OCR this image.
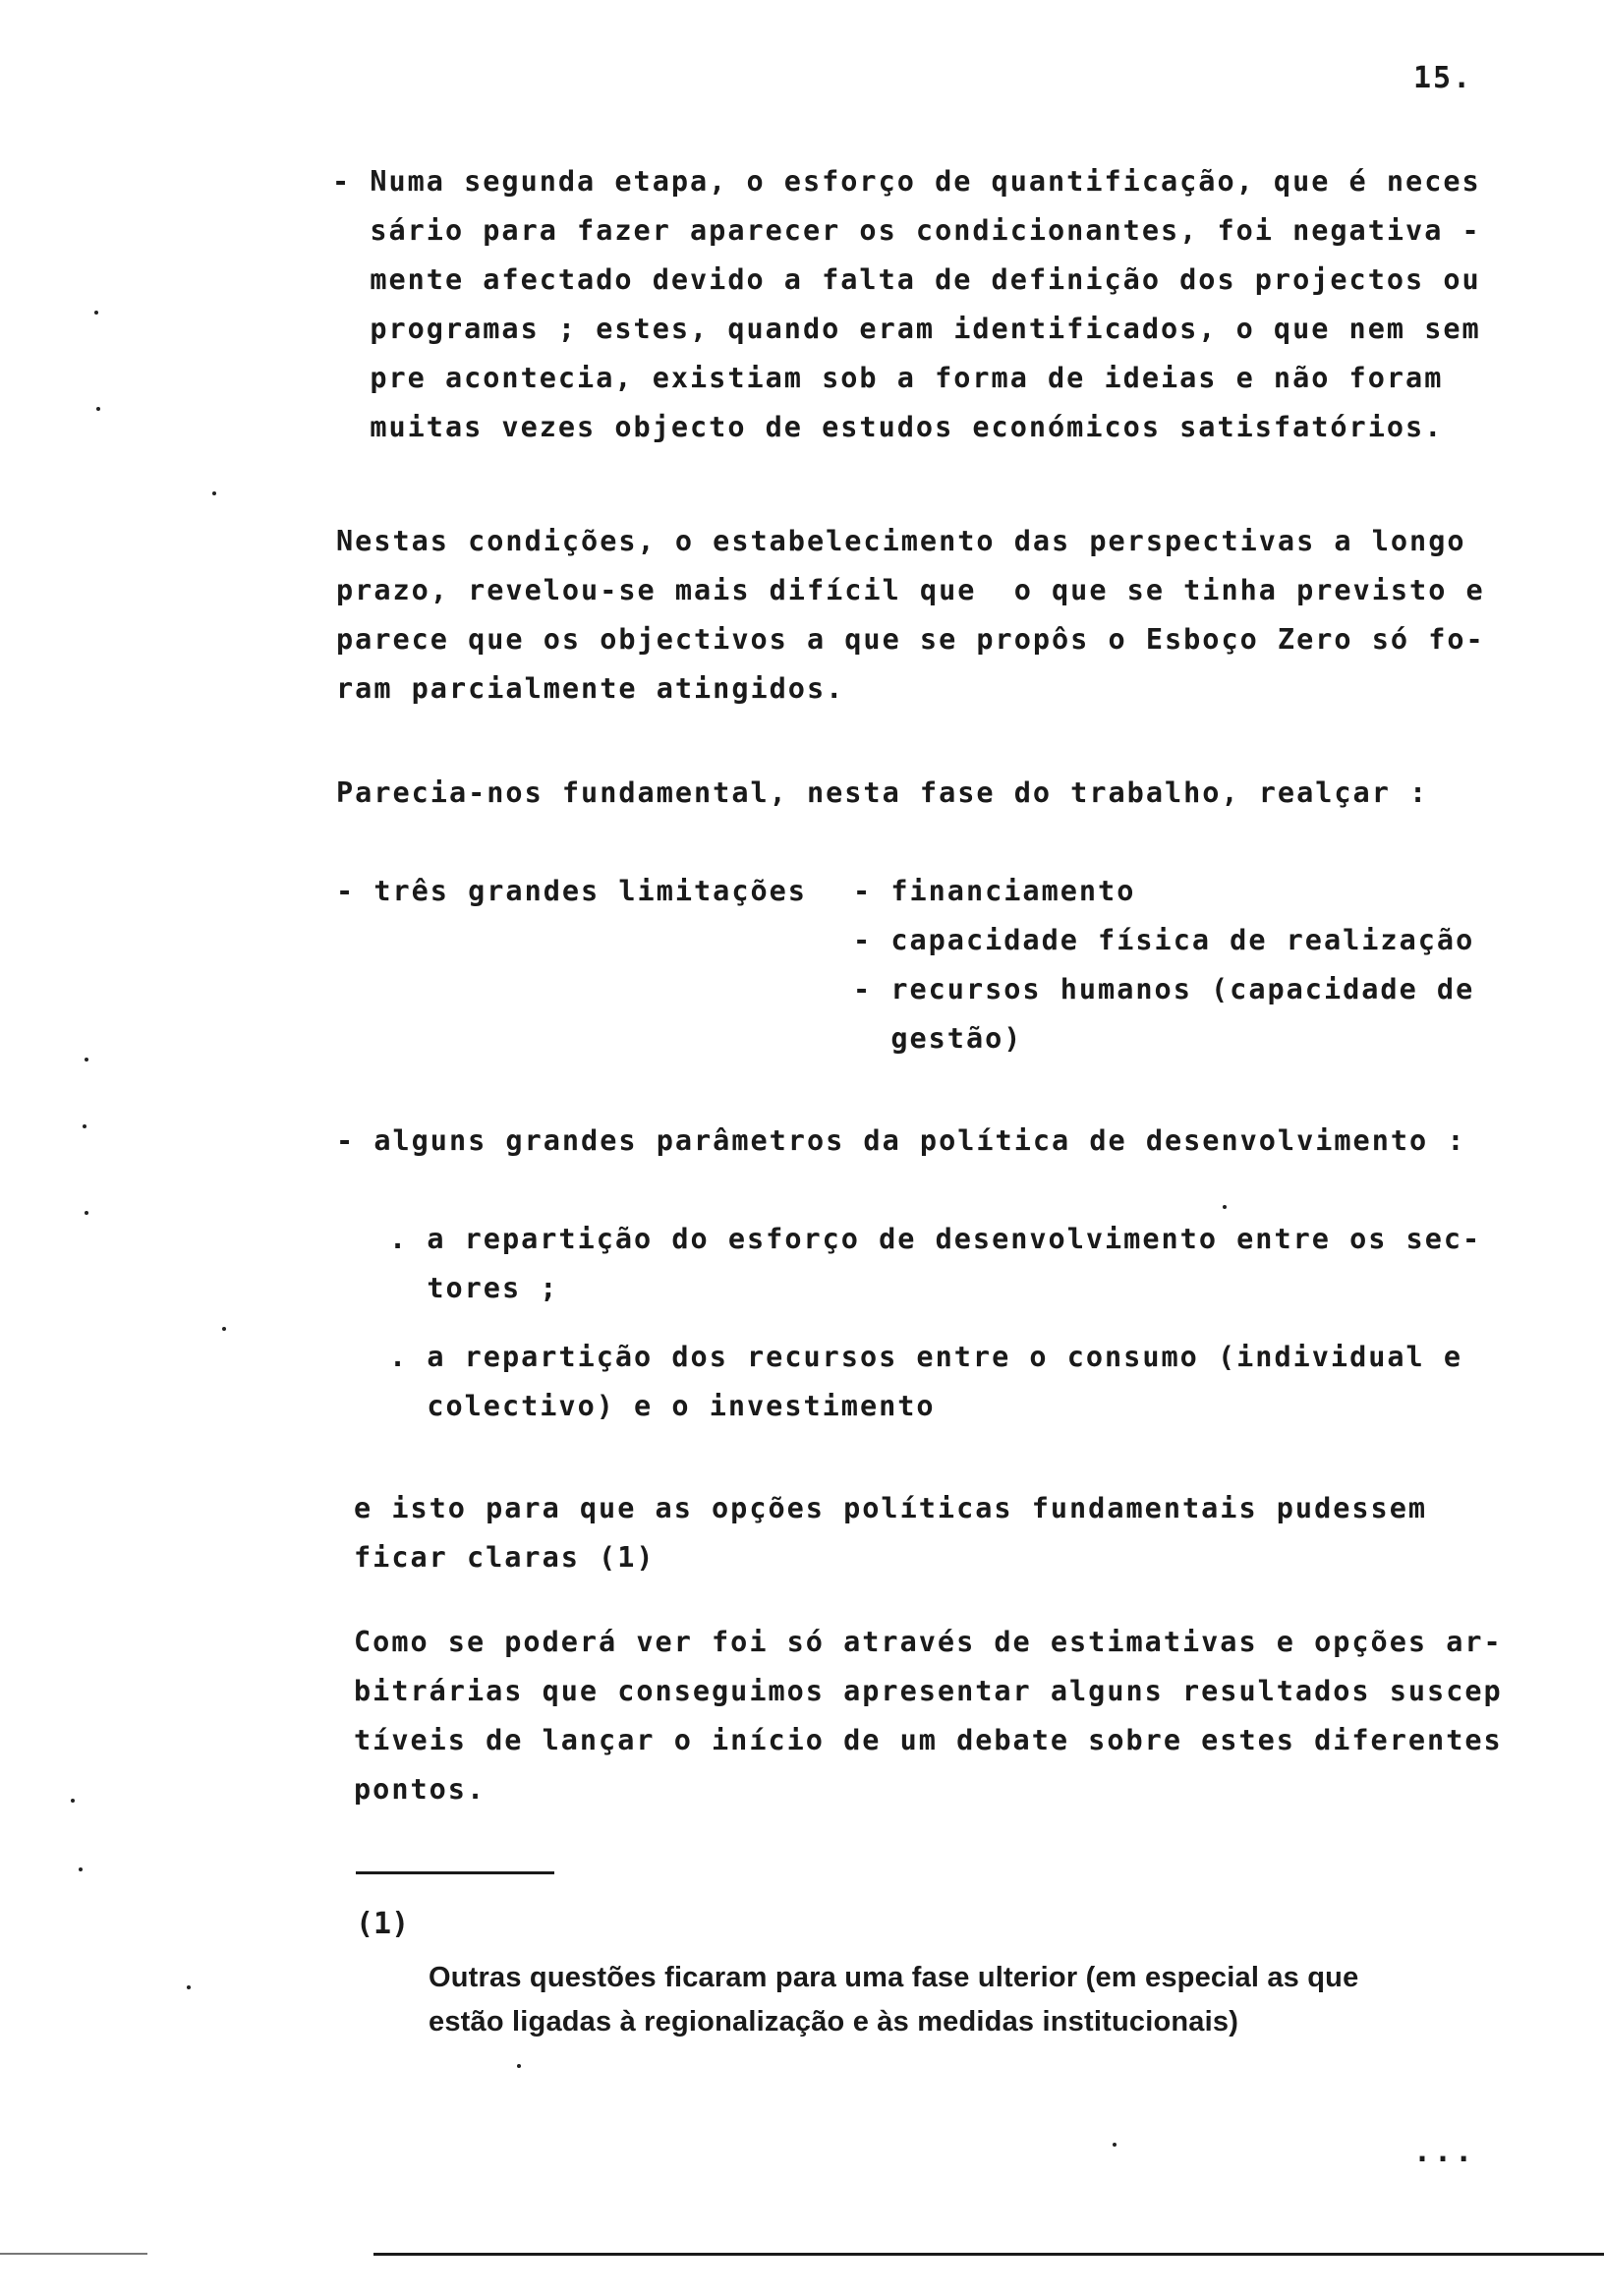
15.
- Numa segunda etapa, o esforço de quantificação, que é neces
sário para fazer aparecer os condicionantes, foi negativa -
mente afectado devido a falta de definição dos projectos ou
programas ; estes, quando eram identificados, o que nem sem
pre acontecia, existiam sob a forma de ideias e não foram
muitas vezes objecto de estudos económicos satisfatórios.
Nestas condições, o estabelecimento das perspectivas a longo
prazo, revelou-se mais difícil que  o que se tinha previsto e
parece que os objectivos a que se propôs o Esboço Zero só fo-
ram parcialmente atingidos.
Parecia-nos fundamental, nesta fase do trabalho, realçar :
- três grandes limitações - financiamento
- capacidade física de realização
- recursos humanos (capacidade de
gestão)
- alguns grandes parâmetros da política de desenvolvimento :
. a repartição do esforço de desenvolvimento entre os sec-
tores ;
. a repartição dos recursos entre o consumo (individual e
colectivo) e o investimento
e isto para que as opções políticas fundamentais pudessem
ficar claras (1)
Como se poderá ver foi só através de estimativas e opções ar-
bitrárias que conseguimos apresentar alguns resultados suscep
tíveis de lançar o início de um debate sobre estes diferentes
pontos.
(1)
Outras questões ficaram para uma fase ulterior (em especial as que
estão ligadas à regionalização e às medidas institucionais)
...
